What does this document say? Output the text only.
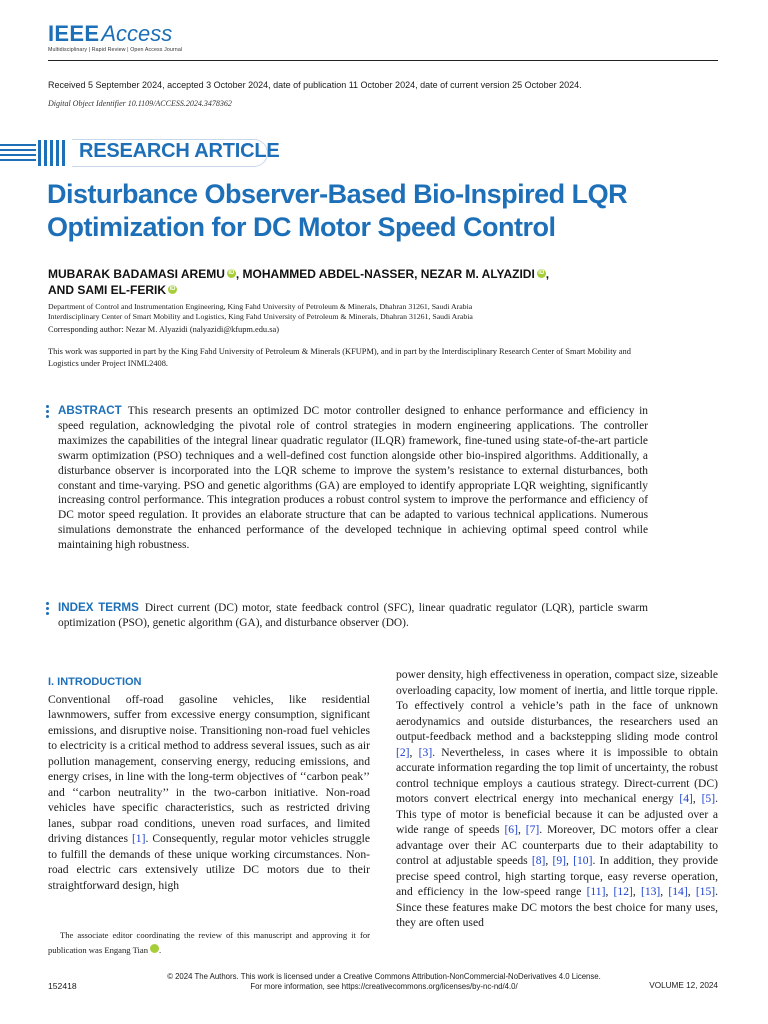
IEEEAccess
Multidisciplinary | Rapid Review | Open Access Journal
Received 5 September 2024, accepted 3 October 2024, date of publication 11 October 2024, date of current version 25 October 2024.
Digital Object Identifier 10.1109/ACCESS.2024.3478362
RESEARCH ARTICLE
Disturbance Observer-Based Bio-Inspired LQR Optimization for DC Motor Speed Control
MUBARAK BADAMASI AREMU iD , MOHAMMED ABDEL-NASSER, NEZAR M. ALYAZIDI iD ,
AND SAMI EL-FERIK iD
Department of Control and Instrumentation Engineering, King Fahd University of Petroleum & Minerals, Dhahran 31261, Saudi Arabia
Interdisciplinary Center of Smart Mobility and Logistics, King Fahd University of Petroleum & Minerals, Dhahran 31261, Saudi Arabia
Corresponding author: Nezar M. Alyazidi (nalyazidi@kfupm.edu.sa)
This work was supported in part by the King Fahd University of Petroleum & Minerals (KFUPM), and in part by the Interdisciplinary Research Center of Smart Mobility and Logistics under Project INML2408.

ABSTRACT This research presents an optimized DC motor controller designed to enhance performance and efficiency in speed regulation, acknowledging the pivotal role of control strategies in modern engineering applications. The controller maximizes the capabilities of the integral linear quadratic regulator (ILQR) framework, fine-tuned using state-of-the-art particle swarm optimization (PSO) techniques and a well-defined cost function alongside other bio-inspired algorithms. Additionally, a disturbance observer is incorporated into the LQR scheme to improve the system’s resistance to external disturbances, both constant and time-varying. PSO and genetic algorithms (GA) are employed to identify appropriate LQR weighting, significantly increasing control performance. This integration produces a robust control system to improve the performance and efficiency of DC motor speed regulation. It provides an elaborate structure that can be adapted to various technical applications. Numerous simulations demonstrate the enhanced performance of the developed technique in achieving optimal speed control while maintaining high robustness.

INDEX TERMS Direct current (DC) motor, state feedback control (SFC), linear quadratic regulator (LQR), particle swarm optimization (PSO), genetic algorithm (GA), and disturbance observer (DO).

I. INTRODUCTION

Conventional off-road gasoline vehicles, like residential lawnmowers, suffer from excessive energy consumption, significant emissions, and disruptive noise. Transitioning non-road fuel vehicles to electricity is a critical method to address several issues, such as air pollution management, conserving energy, reducing emissions, and energy crises, in line with the long-term objectives of ‘‘carbon peak’’ and ‘‘carbon neutrality’’ in the two-carbon initiative. Non-road vehicles have specific characteristics, such as restricted driving lanes, subpar road conditions, uneven road surfaces, and limited driving distances [1]. Consequently, regular motor vehicles struggle to fulfill the demands of these unique working circumstances. Non-road electric cars extensively utilize DC motors due to their straightforward design, high

power density, high effectiveness in operation, compact size, sizeable overloading capacity, low moment of inertia, and little torque ripple. To effectively control a vehicle’s path in the face of unknown aerodynamics and outside disturbances, the researchers used an output-feedback method and a backstepping sliding mode control [2], [3]. Nevertheless, in cases where it is impossible to obtain accurate information regarding the top limit of uncertainty, the robust control technique employs a cautious strategy. Direct-current (DC) motors convert electrical energy into mechanical energy [4], [5]. This type of motor is beneficial because it can be adjusted over a wide range of speeds [6], [7]. Moreover, DC motors offer a clear advantage over their AC counterparts due to their adaptability to control at adjustable speeds [8], [9], [10]. In addition, they provide precise speed control, high starting torque, easy reverse operation, and efficiency in the low-speed range [11], [12], [13], [14], [15]. Since these features make DC motors the best choice for many uses, they are often used

The associate editor coordinating the review of this manuscript and approving it for publication was Engang Tian iD.
© 2024 The Authors. This work is licensed under a Creative Commons Attribution-NonCommercial-NoDerivatives 4.0 License.
For more information, see https://creativecommons.org/licenses/by-nc-nd/4.0/
152418	VOLUME 12, 2024
